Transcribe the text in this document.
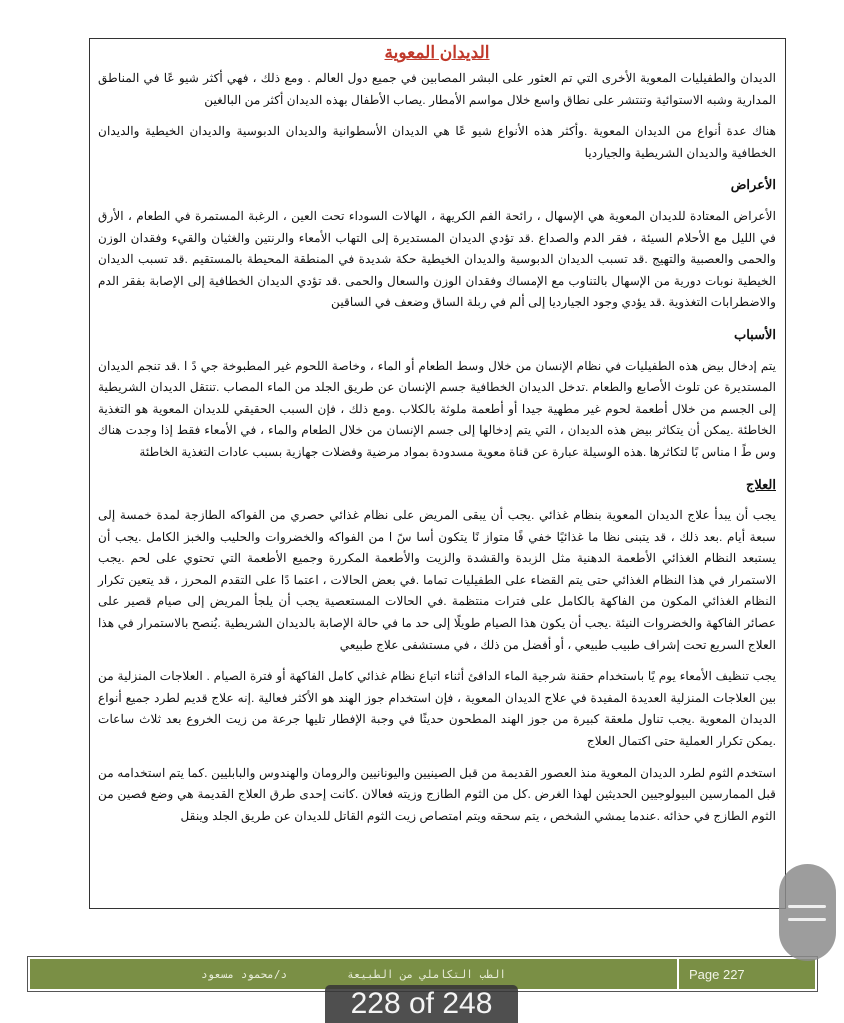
الديدان المعوية

الديدان والطفيليات المعوية الأخرى التي تم العثور على البشر المصابين في جميع دول العالم . ومع ذلك ، فهي أكثر شيو عًا في المناطق المدارية وشبه الاستوائية وتنتشر على نطاق واسع خلال مواسم الأمطار .يصاب الأطفال بهذه الديدان أكثر من البالغين

هناك عدة أنواع من الديدان المعوية .وأكثر هذه الأنواع شيو عًا هي الديدان الأسطوانية والديدان الدبوسية والديدان الخيطية والديدان الخطافية والديدان الشريطية والجيارديا

الأعراض

الأعراض المعتادة للديدان المعوية هي الإسهال ، رائحة الفم الكريهة ، الهالات السوداء تحت العين ، الرغبة المستمرة في الطعام ، الأرق في الليل مع الأحلام السيئة ، فقر الدم والصداع .قد تؤدي الديدان المستديرة إلى التهاب الأمعاء والرنتين والغثيان والقيء وفقدان الوزن والحمى والعصبية والتهيج .قد تسبب الديدان الدبوسية والديدان الخيطية حكة شديدة في المنطقة المحيطة بالمستقيم .قد تسبب الديدان الخيطية نوبات دورية من الإسهال بالتناوب مع الإمساك وفقدان الوزن والسعال والحمى .قد تؤدي الديدان الخطافية إلى الإصابة بفقر الدم والاضطرابات التغذوية .قد يؤدي وجود الجيارديا إلى ألم في ربلة الساق وضعف في الساقين

الأسباب

يتم إدخال بيض هذه الطفيليات في نظام الإنسان من خلال وسط الطعام أو الماء ، وخاصة اللحوم غير المطبوخة جي دً ا .قد تنجم الديدان المستديرة عن تلوث الأصابع والطعام .تدخل الديدان الخطافية جسم الإنسان عن طريق الجلد من الماء المصاب .تنتقل الديدان الشريطية إلى الجسم من خلال أطعمة لحوم غير مطهية جيدا أو أطعمة ملوثة بالكلاب .ومع ذلك ، فإن السبب الحقيقي للديدان المعوية هو التغذية الخاطئة .يمكن أن يتكاثر بيض هذه الديدان ، التي يتم إدخالها إلى جسم الإنسان من خلال الطعام والماء ، في الأمعاء فقط إذا وجدت هناك وس طً ا مناس بًا لتكاثرها .هذه الوسيلة عبارة عن قناة معوية مسدودة بمواد مرضية وفضلات جهازية بسبب عادات التغذية الخاطئة

العلاج

يجب أن يبدأ علاج الديدان المعوية بنظام غذائي .يجب أن يبقى المريض على نظام غذائي حصري من الفواكه الطازجة لمدة خمسة إلى سبعة أيام .بعد ذلك ، قد يتبنى نظا ما غذائيًا خفي فًا متواز نًا يتكون أسا سً ا من الفواكه والخضروات والحليب والخبز الكامل .يجب أن يستبعد النظام الغذائي الأطعمة الدهنية مثل الزبدة والقشدة والزيت والأطعمة المكررة وجميع الأطعمة التي تحتوي على لحم .يجب الاستمرار في هذا النظام الغذائي حتى يتم القضاء على الطفيليات تماما .في بعض الحالات ، اعتما دًا على التقدم المحرز ، قد يتعين تكرار النظام الغذائي المكون من الفاكهة بالكامل على فترات منتظمة .في الحالات المستعصية يجب أن يلجأ المريض إلى صيام قصير على عصائر الفاكهة والخضروات النيئة .يجب أن يكون هذا الصيام طويلًا إلى حد ما في حالة الإصابة بالديدان الشريطية .يُنصح بالاستمرار في هذا العلاج السريع تحت إشراف طبيب طبيعي ، أو أفضل من ذلك ، في مستشفى علاج طبيعي

يجب تنظيف الأمعاء يوم يًا باستخدام حقنة شرجية الماء الدافئ أثناء اتباع نظام غذائي كامل الفاكهة أو فترة الصيام . العلاجات المنزلية من بين العلاجات المنزلية العديدة المفيدة في علاج الديدان المعوية ، فإن استخدام جوز الهند هو الأكثر فعالية .إنه علاج قديم لطرد جميع أنواع الديدان المعوية .يجب تناول ملعقة كبيرة من جوز الهند المطحون حديثًا في وجبة الإفطار تليها جرعة من زيت الخروع بعد ثلاث ساعات .يمكن تكرار العملية حتى اكتمال العلاج

استخدم الثوم لطرد الديدان المعوية منذ العصور القديمة من قبل الصينيين واليونانيين والرومان والهندوس والبابليين .كما يتم استخدامه من قبل الممارسين البيولوجيين الحديثين لهذا الغرض .كل من الثوم الطازج وزيته فعالان .كانت إحدى طرق العلاج القديمة هي وضع فصين من الثوم الطازج في حذائه .عندما يمشي الشخص ، يتم سحقه ويتم امتصاص زيت الثوم القاتل للديدان عن طريق الجلد وينقل

الطب التكاملي من الطبيعة
د/محمود مسعود	Page 227
228 of 248
